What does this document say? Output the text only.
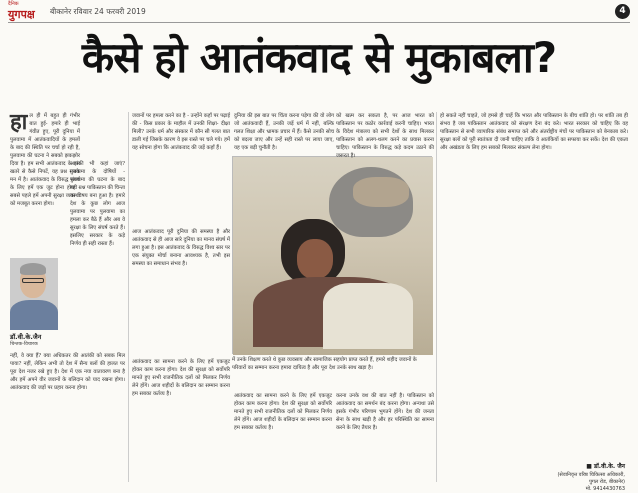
दैनिक
युगपक्ष बीकानेर रविवार 24 फरवरी 2019	4
कैसे हो आतंकवाद से मुकाबला?
हाल ही में बहुत ही गंभीर बात हुई- हमारे ही भाई गंवीत हुए, पूरी दुनिया में पुलवामा में आतंकवादियों के हमलों के बाद की स्थिति पर चर्चा हो रही है, पुलवामा की घटना ने सबको झकझोर दिया है। हम सभी आतंकवाद के इस खतरे से कैसे निपटें, यह प्रश्न सबके मन में है। आतंकवाद के विरुद्ध संघर्ष के लिए हमें एक जुट होना होगा - सबसे पहले हमें अपनी सुरक्षा व्यवस्था को मजबूत करना होगा।
आतंकी भी कहां जाएं? पुलवामा के दोषियों - पुलवामा की घटना के बाद यही प्रश्न पाकिस्तान की चिन्ता का विषय बना हुआ है। हमारे देश के कुछ लोग आज पुलवामा पर पुलवामा का हमला कर बैठे हैं और अब वे सुरक्षा के लिए संघर्ष करते हैं। इसलिए सरकार के कड़े निर्णय ही सही रास्ता हैं।
नहीं, वे क्या हैं? क्या अधिकतर की आतंकी को सबक मिल पाया? नहीं, लेकिन अभी तो देश में सैन्य बलों की हालत पर पूरा देश नजर रखे हुए है। देश में एक नया वातावरण बना है और हमें अपने वीर जवानों के बलिदान को याद रखना होगा। आतंकवाद की जड़ों पर प्रहार करना होगा।
डॉ.वी.के.जैन
चिन्तक-विचारक
जवानों पर हमला करने का है - उन्होंने कहाँ पर पढ़ाई की - किस प्रकार के माहौल में उनकी शिक्षा- दीक्षा मिली? उनके धर्म और संस्कार में कौन सी गलत बात डाली गई जिसके कारण वे इस रास्ते पर चले गये। हमें यह सोचना होगा कि आतंकवाद की जड़ें कहाँ हैं।
आज आतंकवाद पूरी दुनिया की समस्या है और आतंकवाद से ही आज सारे दुनिया का मानव संघर्ष में लगा हुआ है। इस आतंकवाद के विरुद्ध विश्व स्तर पर एक संयुक्त मोर्चा बनाना आवश्यक है, तभी इस समस्या का समाधान संभव है।
आतंकवाद का सामना करने के लिए हमें एकजुट होकर काम करना होगा। देश की सुरक्षा को सर्वोपरि मानते हुए सभी राजनीतिक दलों को मिलकर निर्णय लेने होंगे। आज शहीदों के बलिदान का सम्मान करना हम सबका कर्तव्य है।
दुनिया की इस बात पर चिंता करना पड़ेगा की वो लोग जो आतंकवादी हैं, उनकी जड़ें धर्म में नहीं, बल्कि गलत शिक्षा और भ्रामक प्रचार में हैं। कैसे उनकी सोच को बदला जाए और उन्हें सही रास्ते पर लाया जाए, यह एक बड़ी चुनौती है।
में उनके शिक्षण करते थे कुछ व्यवसाय और सामाजिक सहयोग प्राप्त करते हैं, हमारे शहीद जवानों के परिवारों का सम्मान करना हमारा दायित्व है और पूरा देश उनके साथ खड़ा है।
को खत्म कर सकता है, पर आज भारत को पाकिस्तान पर कठोर कार्रवाई करनी चाहिए। भारत के विदेश मंत्रालय को सभी देशों के साथ मिलकर पाकिस्तान को अलग-थलग करने का प्रयास करना चाहिए। पाकिस्तान के विरुद्ध कड़े कदम उठाने की जरूरत है।
करना उनके वश की बात नहीं है। पाकिस्तान को आतंकवाद का समर्थन बंद करना होगा। अन्यथा उसे इसके गंभीर परिणाम भुगतने होंगे। देश की जनता सेना के साथ खड़ी है और हर परिस्थिति का सामना करने के लिए तैयार है।
आतंकवाद का सामना करने के लिए हमें एकजुट होकर काम करना होगा। देश की सुरक्षा को सर्वोपरि मानते हुए सभी राजनीतिक दलों को मिलकर निर्णय लेने होंगे। आज शहीदों के बलिदान का सम्मान करना हम सबका कर्तव्य है।
हो सकते नहीं चाहते, जो हमसे ही चाहें कि भारत और पाकिस्तान के बीच शांति हो। पर शांति तब ही संभव है जब पाकिस्तान आतंकवाद को संरक्षण देना बंद करे। भारत सरकार को चाहिए कि वह पाकिस्तान से सभी व्यापारिक संबंध समाप्त करे और अंतर्राष्ट्रीय मंचों पर पाकिस्तान को बेनकाब करे। सुरक्षा बलों को पूरी स्वतंत्रता दी जानी चाहिए ताकि वे आतंकियों का सफाया कर सकें। देश की एकता और अखंडता के लिए हम सबको मिलकर संकल्प लेना होगा।
■ डॉ.वी.के. जैन
(सेवानिवृत्त वरिष्ठ चिकित्सा अधिकारी,
पुगल रोड, बीकानेर)
मो. 9414430763
